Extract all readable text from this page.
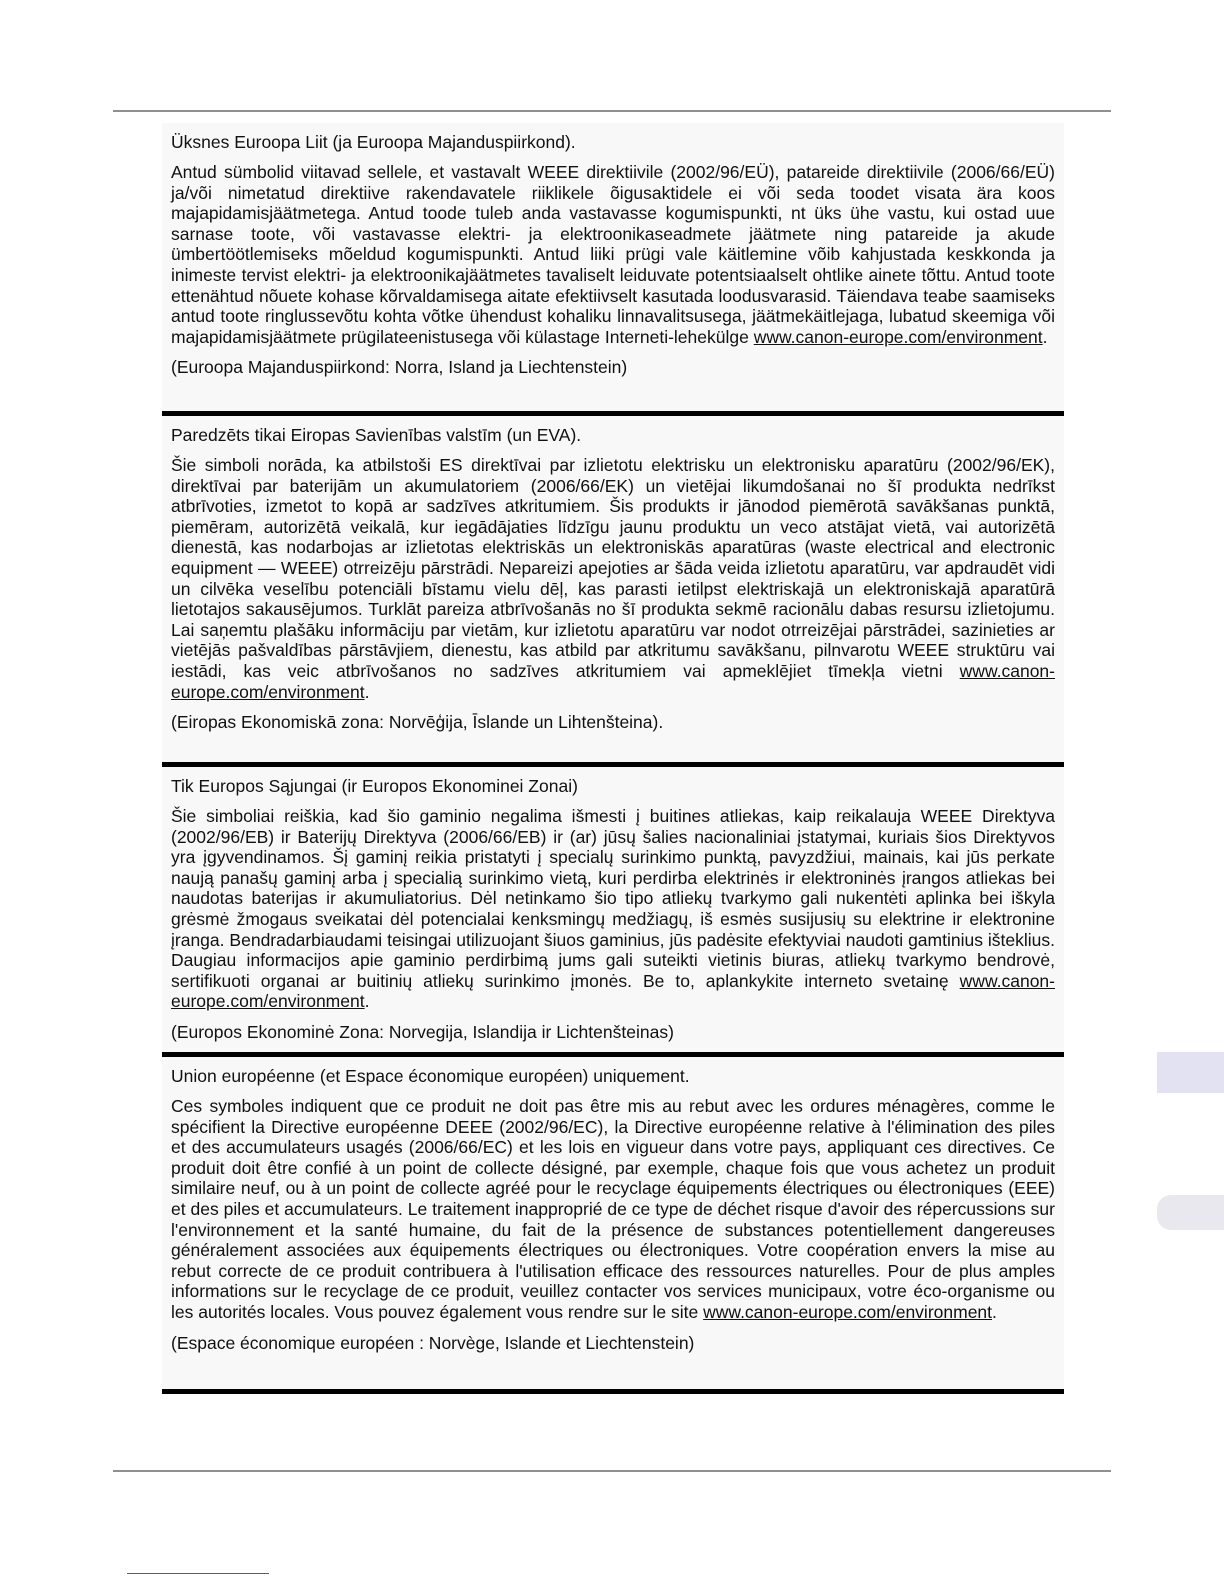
Üksnes Euroopa Liit (ja Euroopa Majanduspiirkond).

Antud sümbolid viitavad sellele, et vastavalt WEEE direktiivile (2002/96/EÜ), patareide direktiivile (2006/66/EÜ) ja/või nimetatud direktiive rakendavatele riiklikele õigusaktidele ei või seda toodet visata ära koos majapidamisjäätmetega. Antud toode tuleb anda vastavasse kogumispunkti, nt üks ühe vastu, kui ostad uue sarnase toote, või vastavasse elektri- ja elektroonikaseadmete jäätmete ning patareide ja akude ümbertöötlemiseks mõeldud kogumispunkti. Antud liiki prügi vale käitlemine võib kahjustada keskkonda ja inimeste tervist elektri- ja elektroonikajäätmetes tavaliselt leiduvate potentsiaalselt ohtlike ainete tõttu. Antud toote ettenähtud nõuete kohase kõrvaldamisega aitate efektiivselt kasutada loodusvarasid. Täiendava teabe saamiseks antud toote ringlussevõtu kohta võtke ühendust kohaliku linnavalitsusega, jäätmekäitlejaga, lubatud skeemiga või majapidamisjäätmete prügilateenistusega või külastage Interneti-lehekülge www.canon-europe.com/environment.

(Euroopa Majanduspiirkond: Norra, Island ja Liechtenstein)
Paredzēts tikai Eiropas Savienības valstīm (un EVA).

Šie simboli norāda, ka atbilstoši ES direktīvai par izlietotu elektrisku un elektronisku aparatūru (2002/96/EK), direktīvai par baterijām un akumulatoriem (2006/66/EK) un vietējai likumdošanai no šī produkta nedrīkst atbrīvoties, izmetot to kopā ar sadzīves atkritumiem. Šis produkts ir jānodod piemērotā savākšanas punktā, piemēram, autorizētā veikalā, kur iegādājaties līdzīgu jaunu produktu un veco atstājat vietā, vai autorizētā dienestā, kas nodarbojas ar izlietotas elektriskās un elektroniskās aparatūras (waste electrical and electronic equipment — WEEE) otrreizēju pārstrādi. Nepareizi apejoties ar šāda veida izlietotu aparatūru, var apdraudēt vidi un cilvēka veselību potenciāli bīstamu vielu dēļ, kas parasti ietilpst elektriskajā un elektroniskajā aparatūrā lietotajos sakausējumos. Turklāt pareiza atbrīvošanās no šī produkta sekmē racionālu dabas resursu izlietojumu. Lai saņemtu plašāku informāciju par vietām, kur izlietotu aparatūru var nodot otrreizējai pārstrādei, sazinieties ar vietējās pašvaldības pārstāvjiem, dienestu, kas atbild par atkritumu savākšanu, pilnvarotu WEEE struktūru vai iestādi, kas veic atbrīvošanos no sadzīves atkritumiem vai apmeklējiet tīmekļa vietni www.canon-europe.com/environment.

(Eiropas Ekonomiskā zona: Norvēģija, Īslande un Lihtenšteina).
Tik Europos Sąjungai (ir Europos Ekonominei Zonai)

Šie simboliai reiškia, kad šio gaminio negalima išmesti į buitines atliekas, kaip reikalauja WEEE Direktyva (2002/96/EB) ir Baterijų Direktyva (2006/66/EB) ir (ar) jūsų šalies nacionaliniai įstatymai, kuriais šios Direktyvos yra įgyvendinamos. Šį gaminį reikia pristatyti į specialų surinkimo punktą, pavyzdžiui, mainais, kai jūs perkate naują panašų gaminį arba į specialią surinkimo vietą, kuri perdirba elektrinės ir elektroninės įrangos atliekas bei naudotas baterijas ir akumuliatorius. Dėl netinkamo šio tipo atliekų tvarkymo gali nukentėti aplinka bei iškyla grėsmė žmogaus sveikatai dėl potencialai kenksmingų medžiagų, iš esmės susijusių su elektrine ir elektronine įranga. Bendradarbiaudami teisingai utilizuojant šiuos gaminius, jūs padėsite efektyviai naudoti gamtinius išteklius. Daugiau informacijos apie gaminio perdirbimą jums gali suteikti vietinis biuras, atliekų tvarkymo bendrovė, sertifikuoti organai ar buitinių atliekų surinkimo įmonės. Be to, aplankykite interneto svetainę www.canon-europe.com/environment.

(Europos Ekonominė Zona: Norvegija, Islandija ir Lichtenšteinas)
Union européenne (et Espace économique européen) uniquement.

Ces symboles indiquent que ce produit ne doit pas être mis au rebut avec les ordures ménagères, comme le spécifient la Directive européenne DEEE (2002/96/EC), la Directive européenne relative à l'élimination des piles et des accumulateurs usagés (2006/66/EC) et les lois en vigueur dans votre pays, appliquant ces directives. Ce produit doit être confié à un point de collecte désigné, par exemple, chaque fois que vous achetez un produit similaire neuf, ou à un point de collecte agréé pour le recyclage équipements électriques ou électroniques (EEE) et des piles et accumulateurs. Le traitement inapproprié de ce type de déchet risque d'avoir des répercussions sur l'environnement et la santé humaine, du fait de la présence de substances potentiellement dangereuses généralement associées aux équipements électriques ou électroniques. Votre coopération envers la mise au rebut correcte de ce produit contribuera à l'utilisation efficace des ressources naturelles. Pour de plus amples informations sur le recyclage de ce produit, veuillez contacter vos services municipaux, votre éco-organisme ou les autorités locales. Vous pouvez également vous rendre sur le site www.canon-europe.com/environment.

(Espace économique européen : Norvège, Islande et Liechtenstein)
